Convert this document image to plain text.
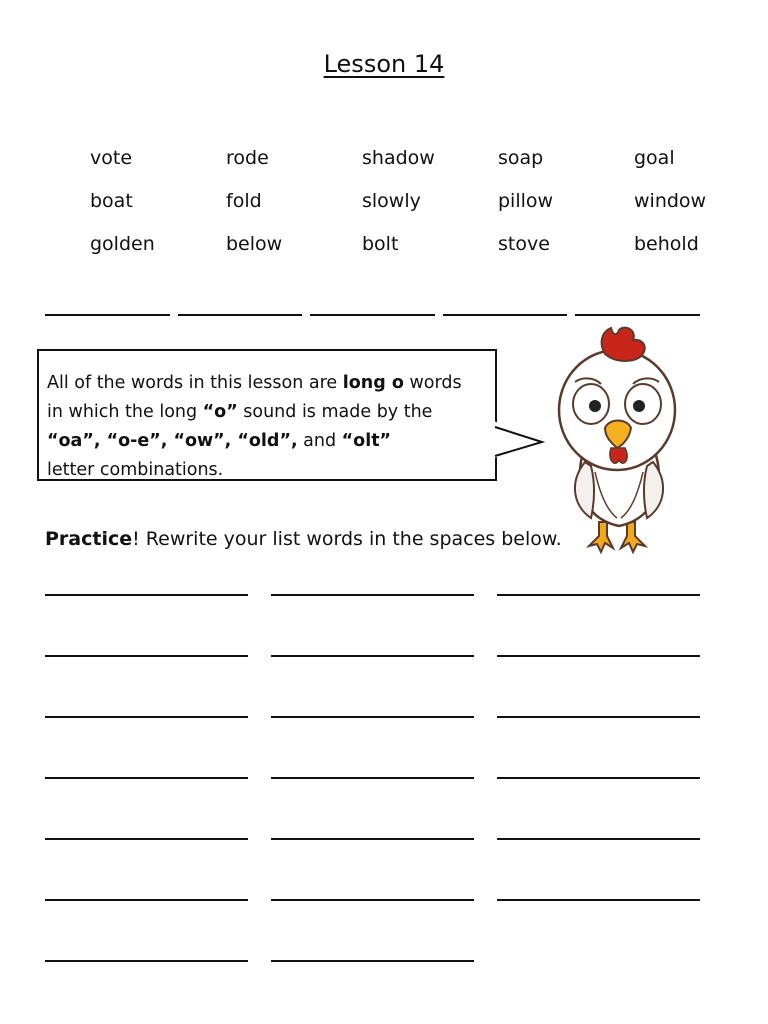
Lesson 14
vote	rode	shadow	soap	goal
boat	fold	slowly	pillow	window
golden	below	bolt	stove	behold
All of the words in this lesson are long o words
in which the long “o” sound is made by the
“oa”, “o-e”, “ow”, “old”, and “olt”
letter combinations.
Practice! Rewrite your list words in the spaces below.
